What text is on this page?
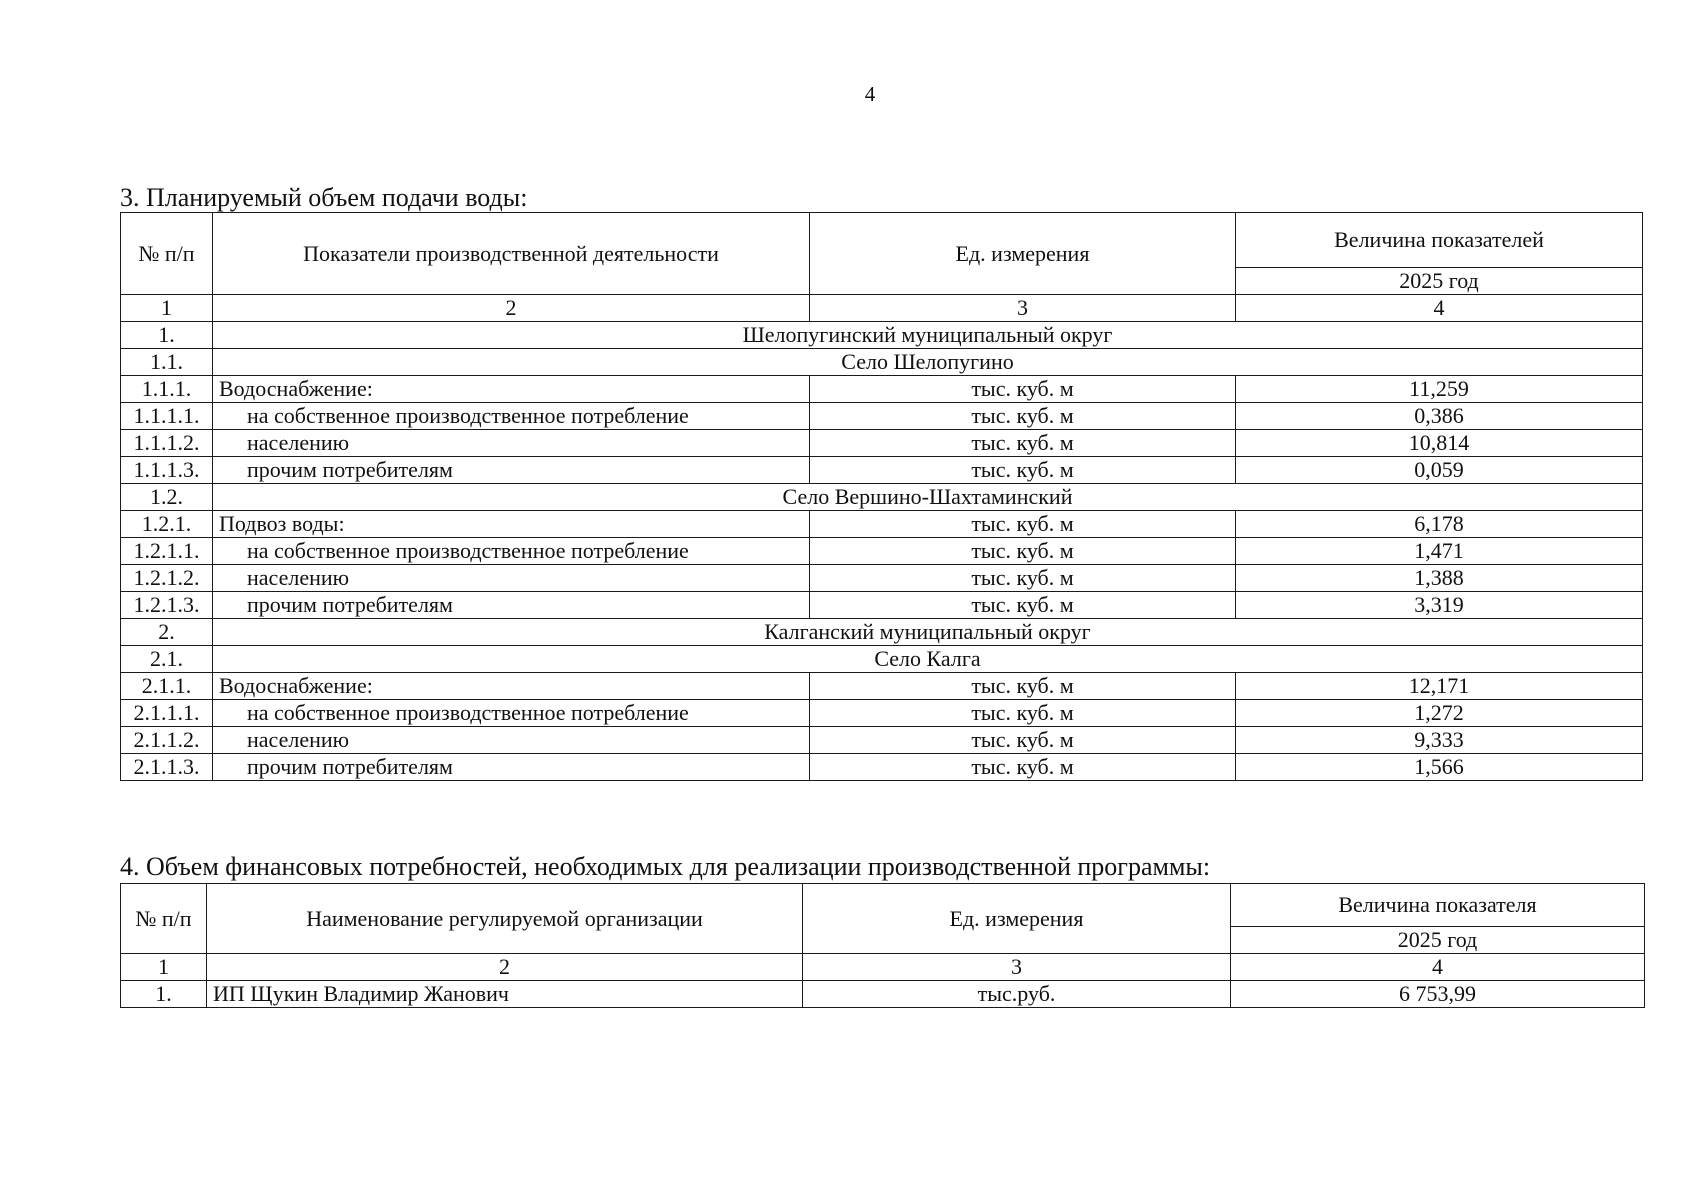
4
3. Планируемый объем подачи воды:
№ п/п	Показатели производственной деятельности	Ед. измерения	Величина показателей
			2025 год
1	2	3	4
1.	Шелопугинский муниципальный округ		
1.1.	Село Шелопугино		
1.1.1.	Водоснабжение:	тыс. куб. м	11,259
1.1.1.1.	на собственное производственное потребление	тыс. куб. м	0,386
1.1.1.2.	населению	тыс. куб. м	10,814
1.1.1.3.	прочим потребителям	тыс. куб. м	0,059
1.2.	Село Вершино-Шахтаминский		
1.2.1.	Подвоз воды:	тыс. куб. м	6,178
1.2.1.1.	на собственное производственное потребление	тыс. куб. м	1,471
1.2.1.2.	населению	тыс. куб. м	1,388
1.2.1.3.	прочим потребителям	тыс. куб. м	3,319
2.	Калганский муниципальный округ		
2.1.	Село Калга		
2.1.1.	Водоснабжение:	тыс. куб. м	12,171
2.1.1.1.	на собственное производственное потребление	тыс. куб. м	1,272
2.1.1.2.	населению	тыс. куб. м	9,333
2.1.1.3.	прочим потребителям	тыс. куб. м	1,566
4. Объем финансовых потребностей, необходимых для реализации производственной программы:
№ п/п	Наименование регулируемой организации	Ед. измерения	Величина показателя
			2025 год
1	2	3	4
1.	ИП Щукин Владимир Жанович	тыс.руб.	6 753,99
